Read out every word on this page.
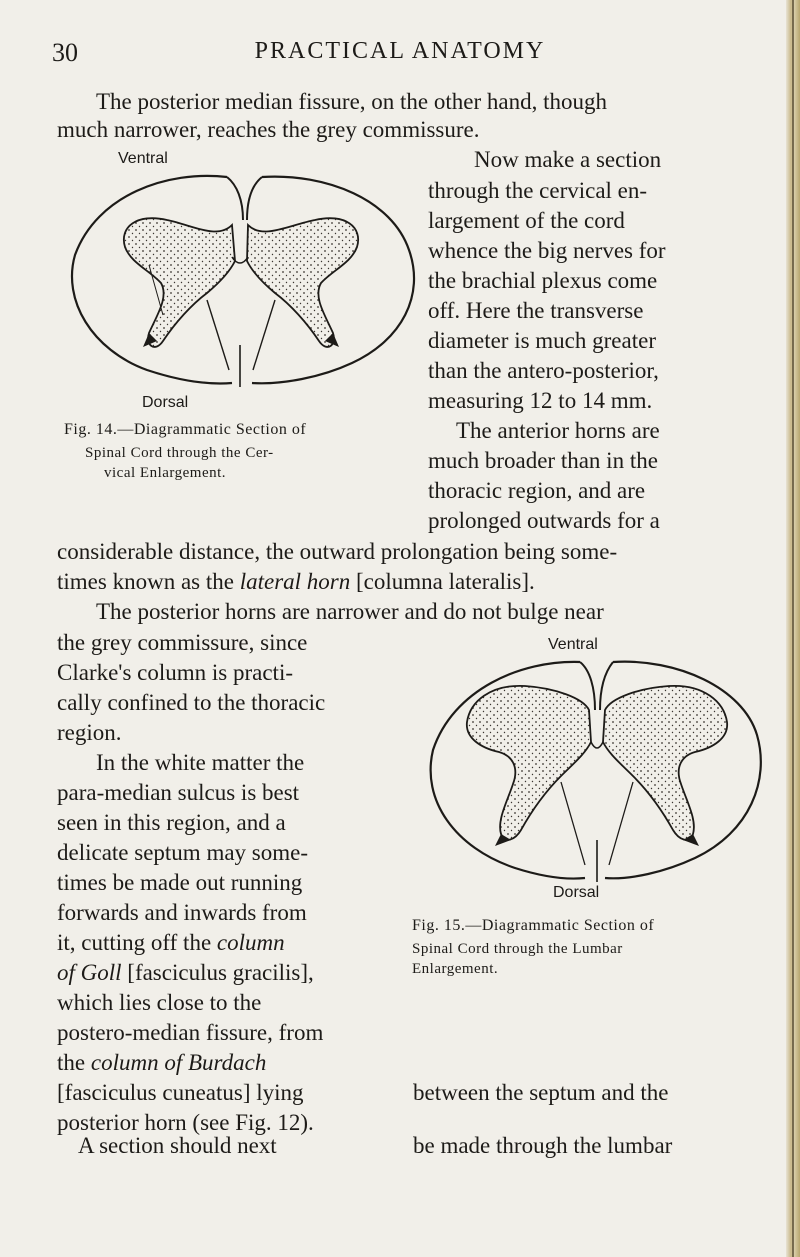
30	PRACTICAL ANATOMY
The posterior median fissure, on the other hand, though
much narrower, reaches the grey commissure.
Ventral
Dorsal
Fig. 14.—Diagrammatic Section of
Spinal Cord through the Cer-
vical Enlargement.
Now make a section
through the cervical en-
largement of the cord
whence the big nerves for
the brachial plexus come
off. Here the transverse
diameter is much greater
than the antero-posterior,
measuring 12 to 14 mm.
The anterior horns are
much broader than in the
thoracic region, and are
prolonged outwards for a
considerable distance, the outward prolongation being some-
times known as the lateral horn [columna lateralis].
The posterior horns are narrower and do not bulge near
the grey commissure, since
Clarke's column is practi-
cally confined to the thoracic
region.
In the white matter the
para-median sulcus is best
seen in this region, and a
delicate septum may some-
times be made out running
forwards and inwards from
it, cutting off the column
of Goll [fasciculus gracilis],
which lies close to the
postero-median fissure, from
the column of Burdach
[fasciculus cuneatus] lying
posterior horn (see Fig. 12).
A section should next
Ventral
Dorsal
Fig. 15.—Diagrammatic Section of
Spinal Cord through the Lumbar
Enlargement.
between the septum and the
be made through the lumbar
